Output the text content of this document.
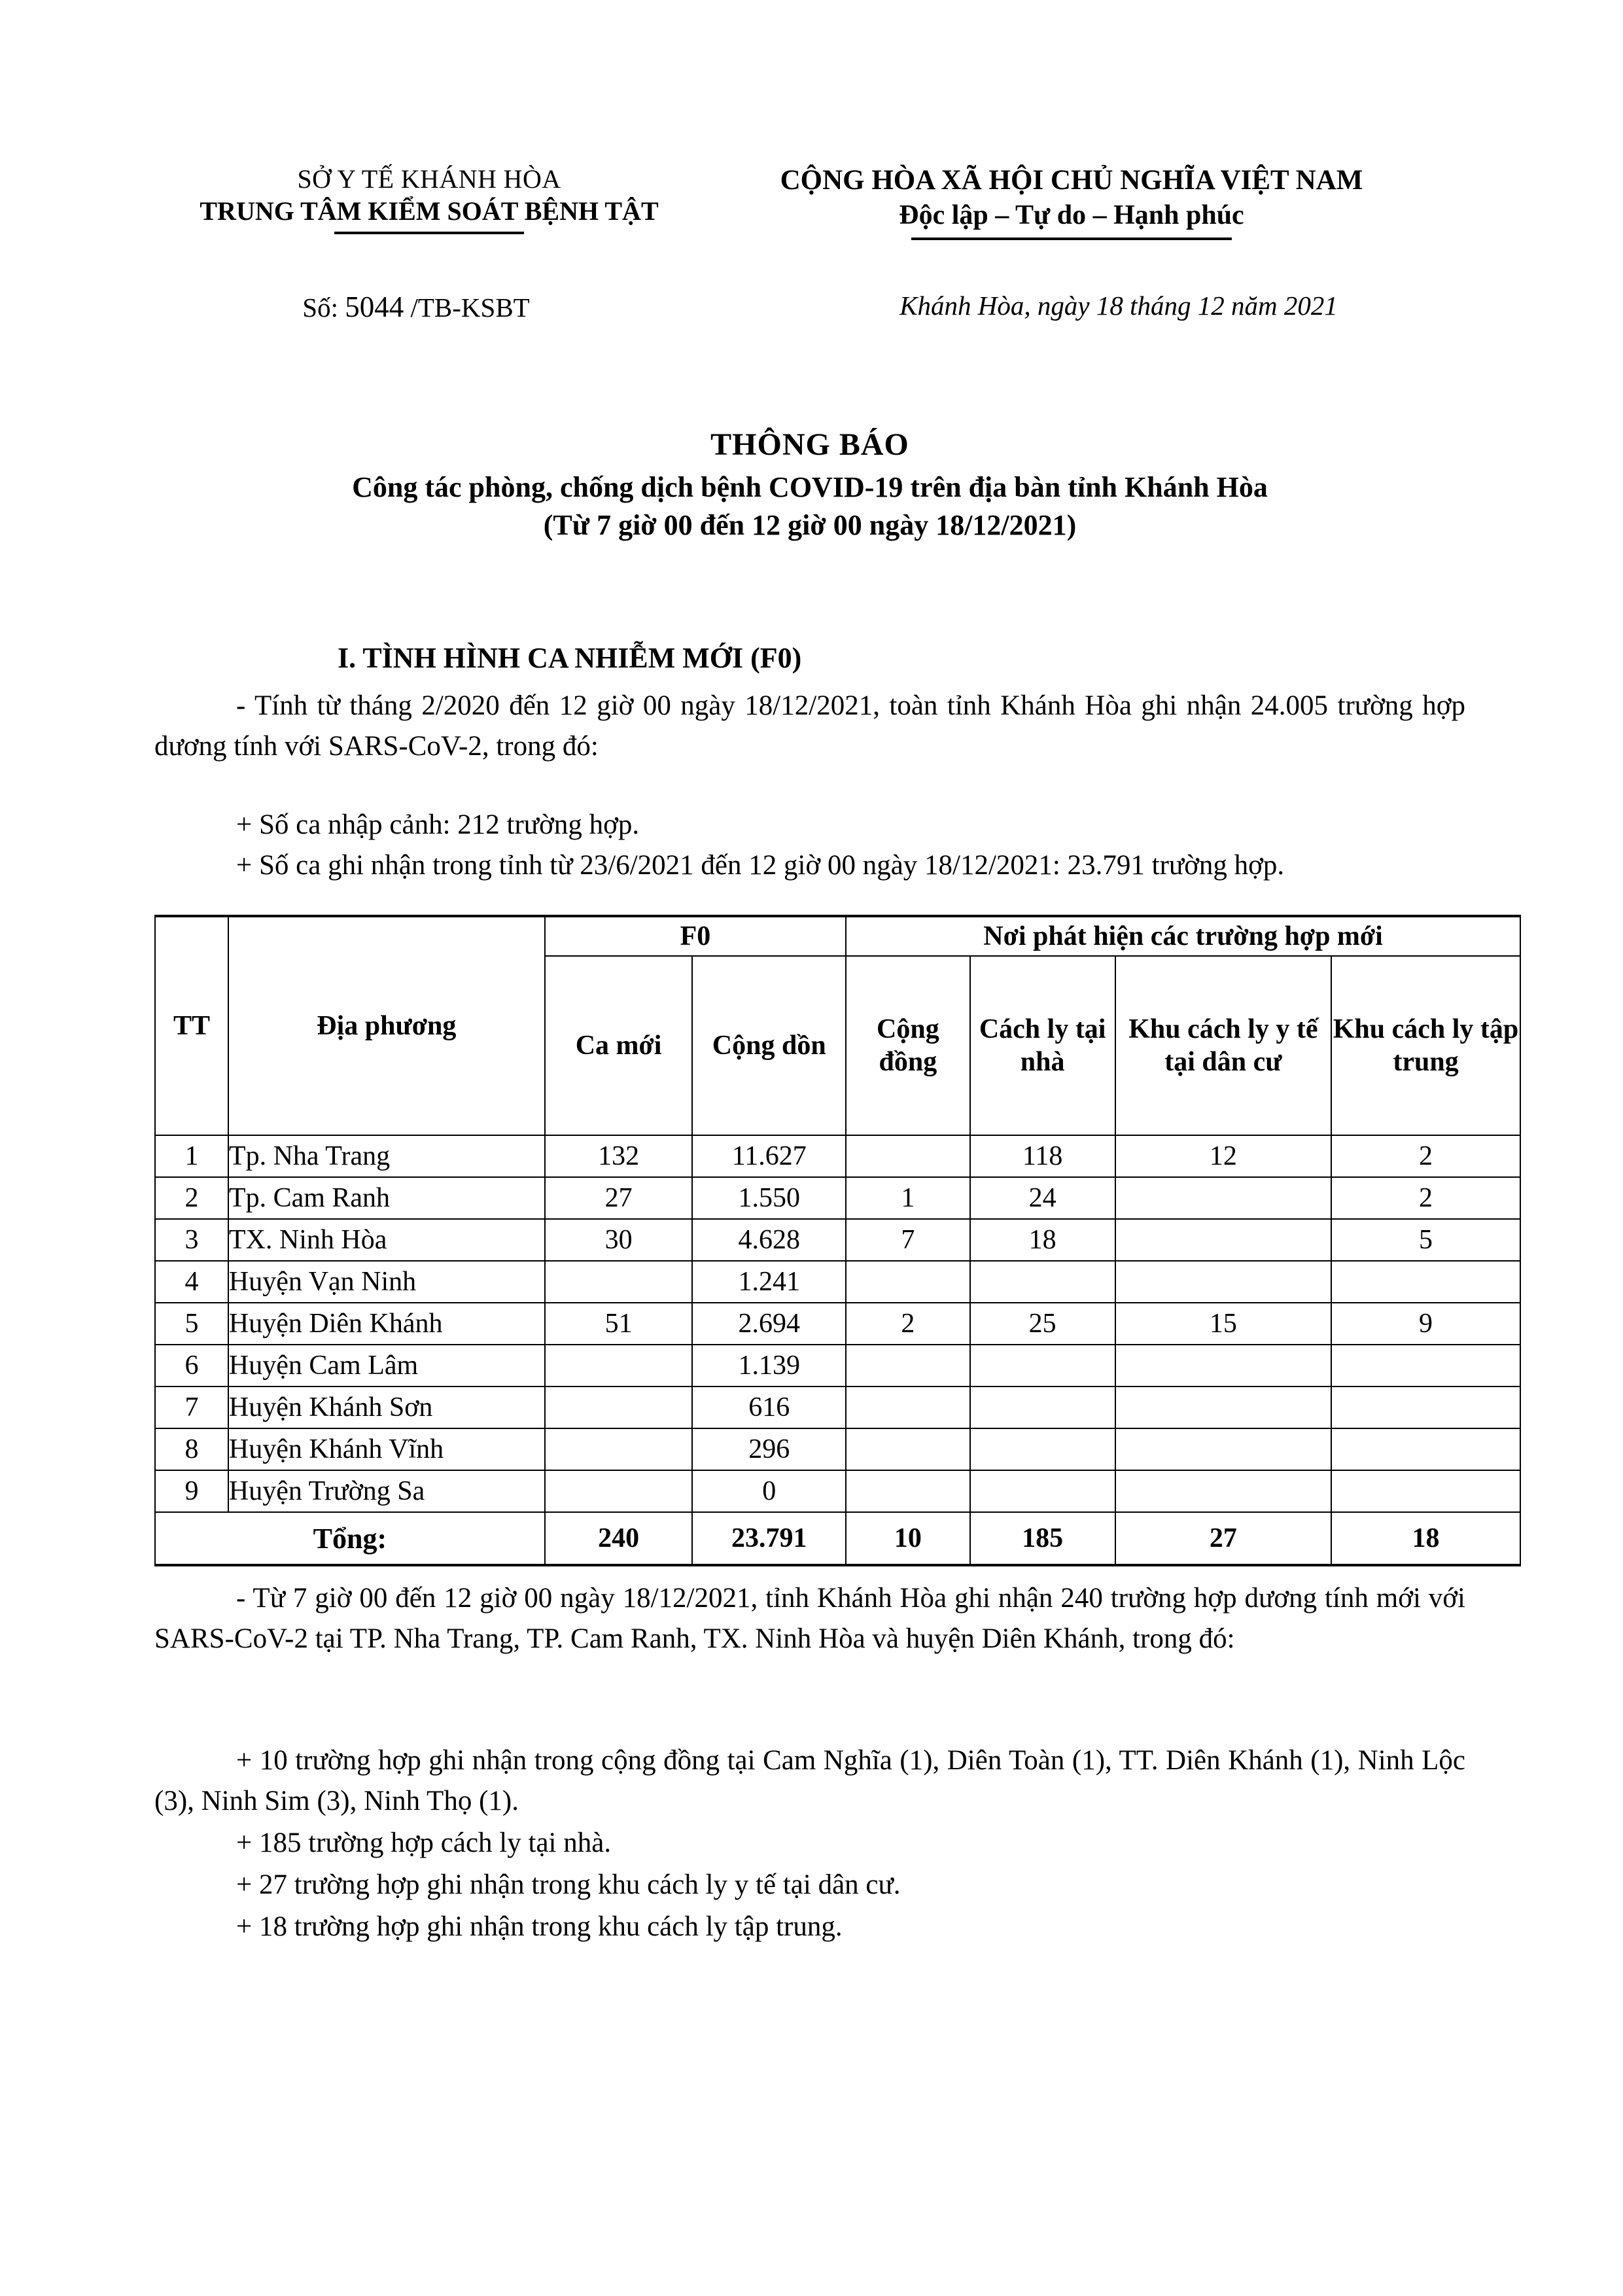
SỞ Y TẾ KHÁNH HÒA
TRUNG TÂM KIỂM SOÁT BỆNH TẬT
CỘNG HÒA XÃ HỘI CHỦ NGHĨA VIỆT NAM
Độc lập – Tự do – Hạnh phúc
Số: 5044 /TB-KSBT	Khánh Hòa, ngày 18 tháng 12 năm 2021
THÔNG BÁO
Công tác phòng, chống dịch bệnh COVID-19 trên địa bàn tỉnh Khánh Hòa
(Từ 7 giờ 00 đến 12 giờ 00 ngày 18/12/2021)
I. TÌNH HÌNH CA NHIỄM MỚI (F0)
- Tính từ tháng 2/2020 đến 12 giờ 00 ngày 18/12/2021, toàn tỉnh Khánh Hòa ghi nhận 24.005 trường hợp dương tính với SARS-CoV-2, trong đó:
+ Số ca nhập cảnh: 212 trường hợp.
+ Số ca ghi nhận trong tỉnh từ 23/6/2021 đến 12 giờ 00 ngày 18/12/2021: 23.791 trường hợp.
TT	Địa phương	F0		Nơi phát hiện các trường hợp mới			
		Ca mới	Cộng dồn	Cộng đồng	Cách ly tại nhà	Khu cách ly y tế tại dân cư	Khu cách ly tập trung
1	Tp. Nha Trang	132	11.627		118	12	2
2	Tp. Cam Ranh	27	1.550	1	24		2
3	TX. Ninh Hòa	30	4.628	7	18		5
4	Huyện Vạn Ninh		1.241				
5	Huyện Diên Khánh	51	2.694	2	25	15	9
6	Huyện Cam Lâm		1.139				
7	Huyện Khánh Sơn		616				
8	Huyện Khánh Vĩnh		296				
9	Huyện Trường Sa		0				
Tổng:		240	23.791	10	185	27	18
- Từ 7 giờ 00 đến 12 giờ 00 ngày 18/12/2021, tỉnh Khánh Hòa ghi nhận 240 trường hợp dương tính mới với SARS-CoV-2 tại TP. Nha Trang, TP. Cam Ranh, TX. Ninh Hòa và huyện Diên Khánh, trong đó:
+ 10 trường hợp ghi nhận trong cộng đồng tại Cam Nghĩa (1), Diên Toàn (1), TT. Diên Khánh (1), Ninh Lộc (3), Ninh Sim (3), Ninh Thọ (1).
+ 185 trường hợp cách ly tại nhà.
+ 27 trường hợp ghi nhận trong khu cách ly y tế tại dân cư.
+ 18 trường hợp ghi nhận trong khu cách ly tập trung.
